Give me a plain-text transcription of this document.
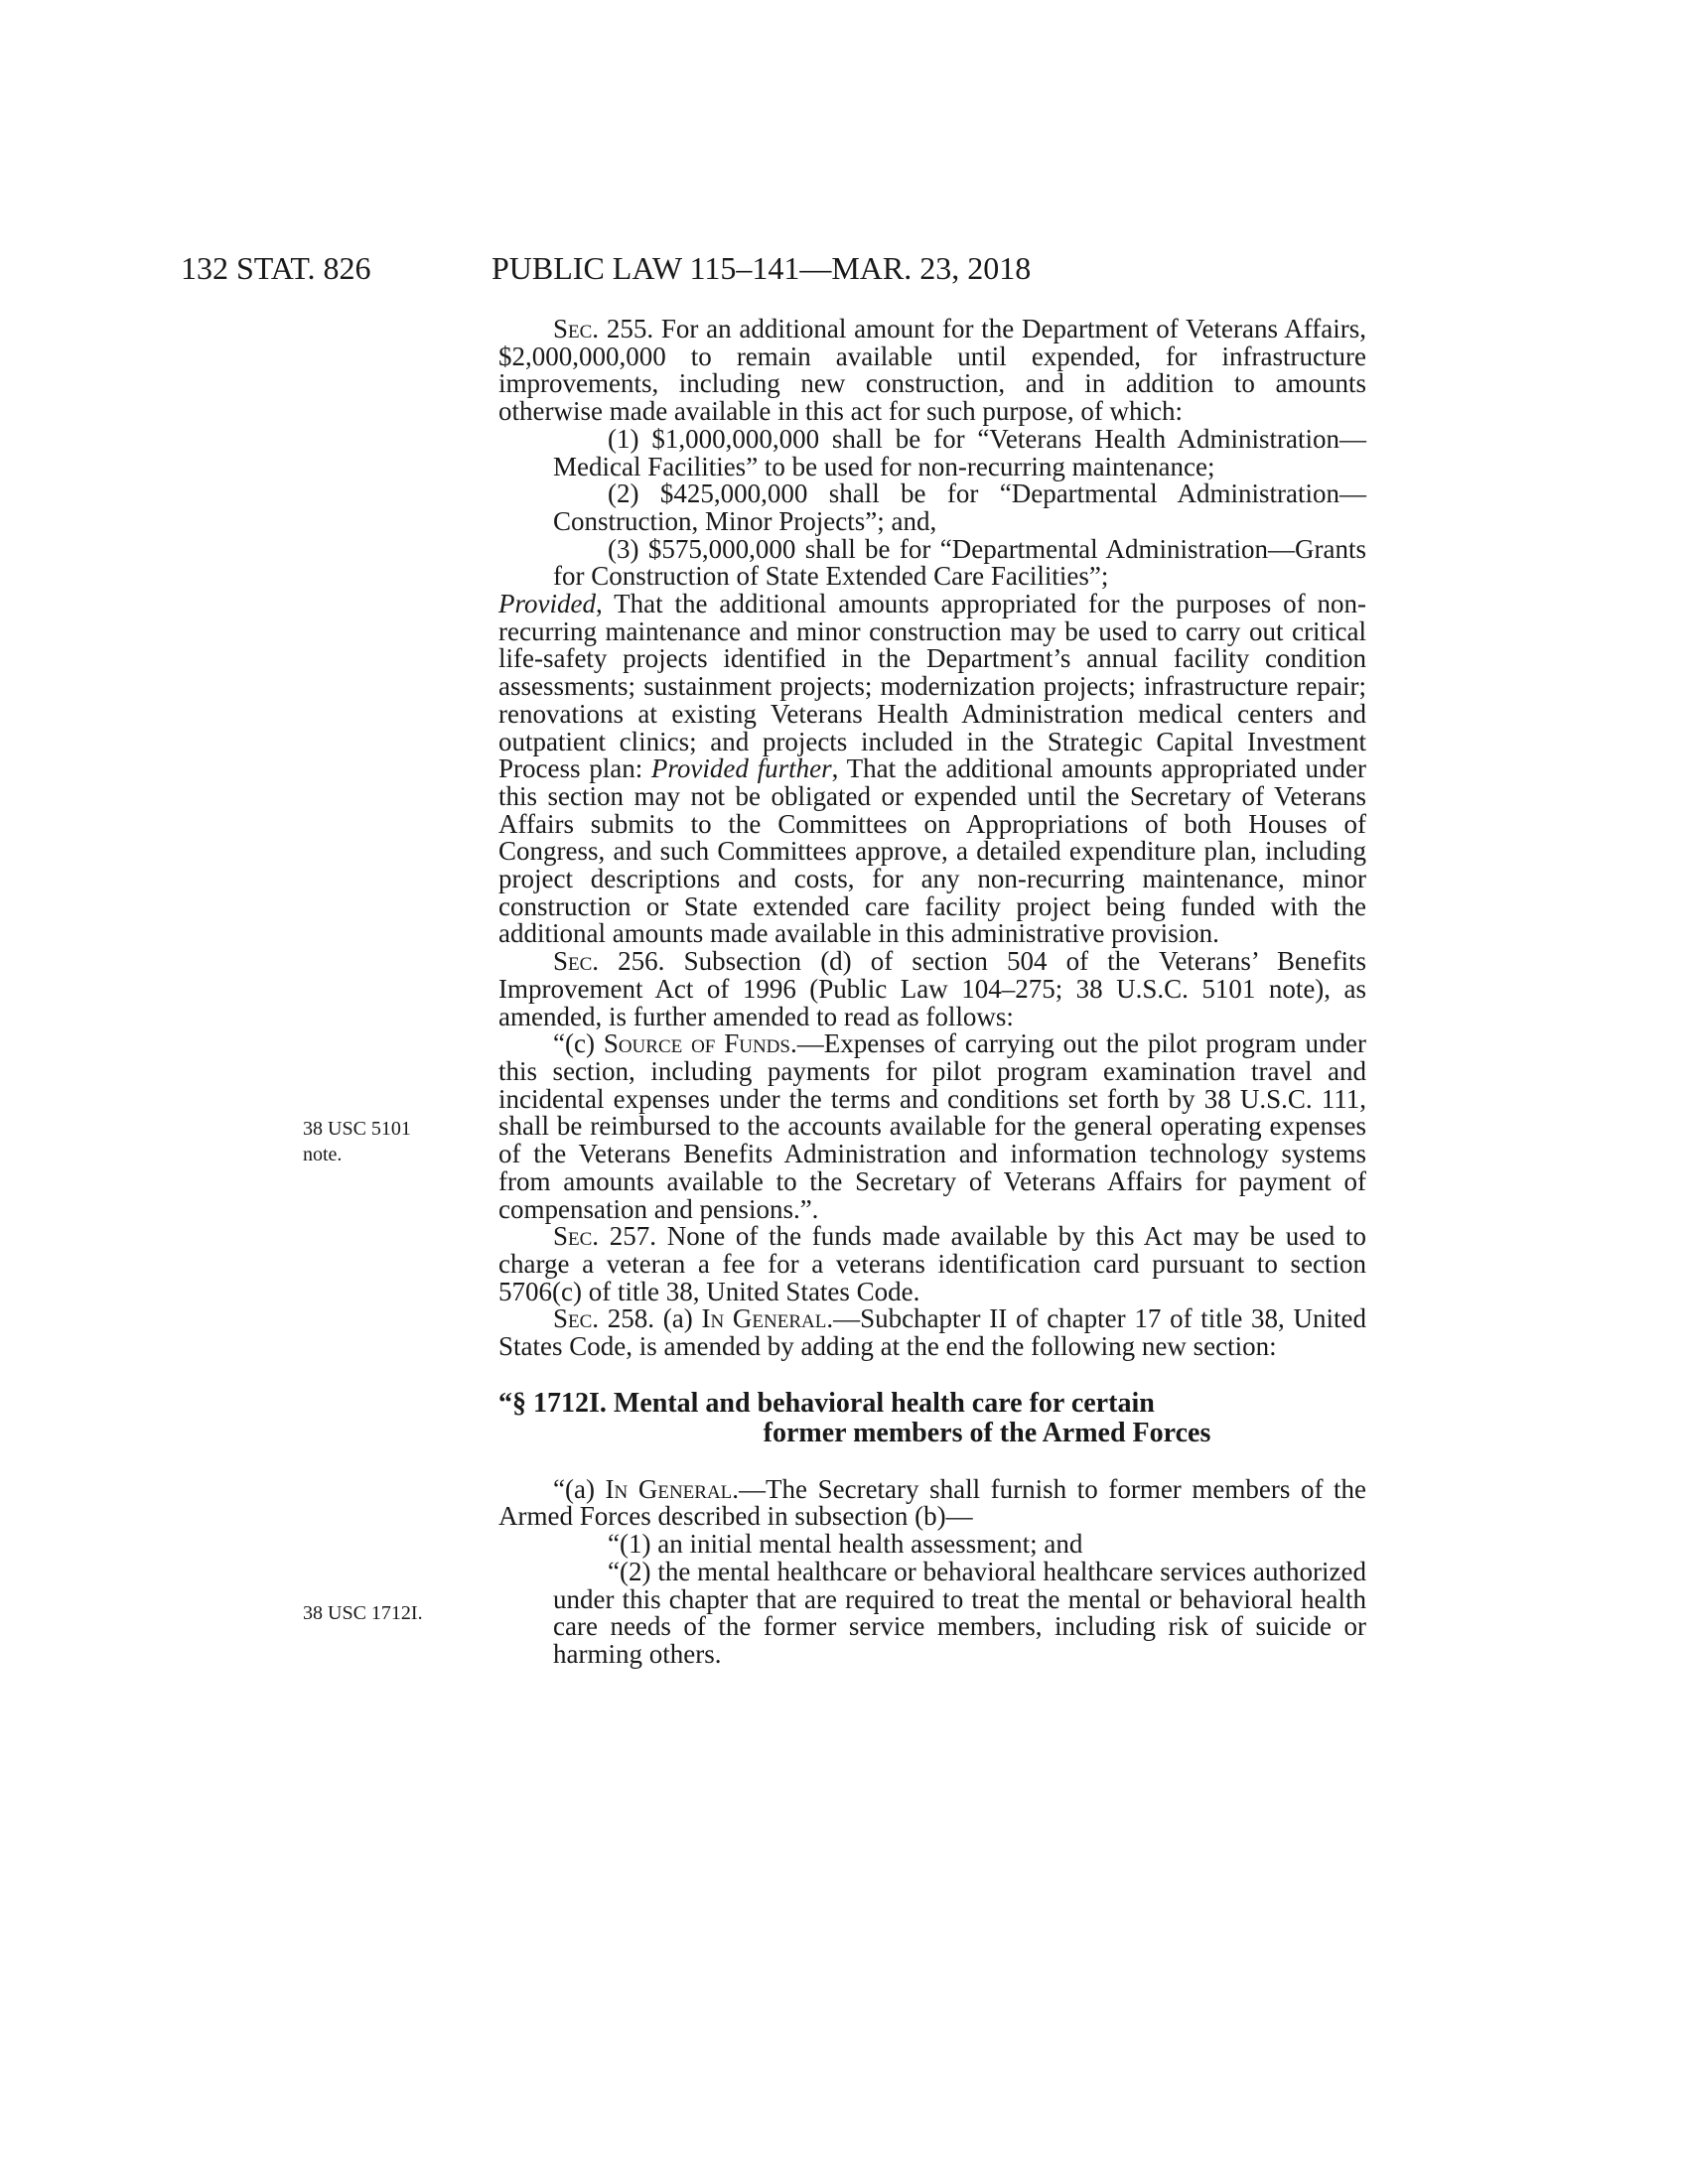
132 STAT. 826	PUBLIC LAW 115–141—MAR. 23, 2018
38 USC 5101
note.
38 USC 1712I.

Sec. 255. For an additional amount for the Department of Veterans Affairs, $2,000,000,000 to remain available until expended, for infrastructure improvements, including new construction, and in addition to amounts otherwise made available in this act for such purpose, of which:

(1) $1,000,000,000 shall be for “Veterans Health Administration—Medical Facilities” to be used for non-recurring maintenance;

(2) $425,000,000 shall be for “Departmental Administration—Construction, Minor Projects”; and,

(3) $575,000,000 shall be for “Departmental Administration—Grants for Construction of State Extended Care Facilities”;

Provided, That the additional amounts appropriated for the purposes of non-recurring maintenance and minor construction may be used to carry out critical life-safety projects identified in the Department’s annual facility condition assessments; sustainment projects; modernization projects; infrastructure repair; renovations at existing Veterans Health Administration medical centers and outpatient clinics; and projects included in the Strategic Capital Investment Process plan: Provided further, That the additional amounts appropriated under this section may not be obligated or expended until the Secretary of Veterans Affairs submits to the Committees on Appropriations of both Houses of Congress, and such Committees approve, a detailed expenditure plan, including project descriptions and costs, for any non-recurring maintenance, minor construction or State extended care facility project being funded with the additional amounts made available in this administrative provision.

Sec. 256. Subsection (d) of section 504 of the Veterans’ Benefits Improvement Act of 1996 (Public Law 104–275; 38 U.S.C. 5101 note), as amended, is further amended to read as follows:

“(c) Source of Funds.—Expenses of carrying out the pilot program under this section, including payments for pilot program examination travel and incidental expenses under the terms and conditions set forth by 38 U.S.C. 111, shall be reimbursed to the accounts available for the general operating expenses of the Veterans Benefits Administration and information technology systems from amounts available to the Secretary of Veterans Affairs for payment of compensation and pensions.”.

Sec. 257. None of the funds made available by this Act may be used to charge a veteran a fee for a veterans identification card pursuant to section 5706(c) of title 38, United States Code.

Sec. 258. (a) In General.—Subchapter II of chapter 17 of title 38, United States Code, is amended by adding at the end the following new section:

“§ 1712I. Mental and behavioral health care for certain
former members of the Armed Forces

“(a) In General.—The Secretary shall furnish to former members of the Armed Forces described in subsection (b)—

“(1) an initial mental health assessment; and

“(2) the mental healthcare or behavioral healthcare services authorized under this chapter that are required to treat the mental or behavioral health care needs of the former service members, including risk of suicide or harming others.
